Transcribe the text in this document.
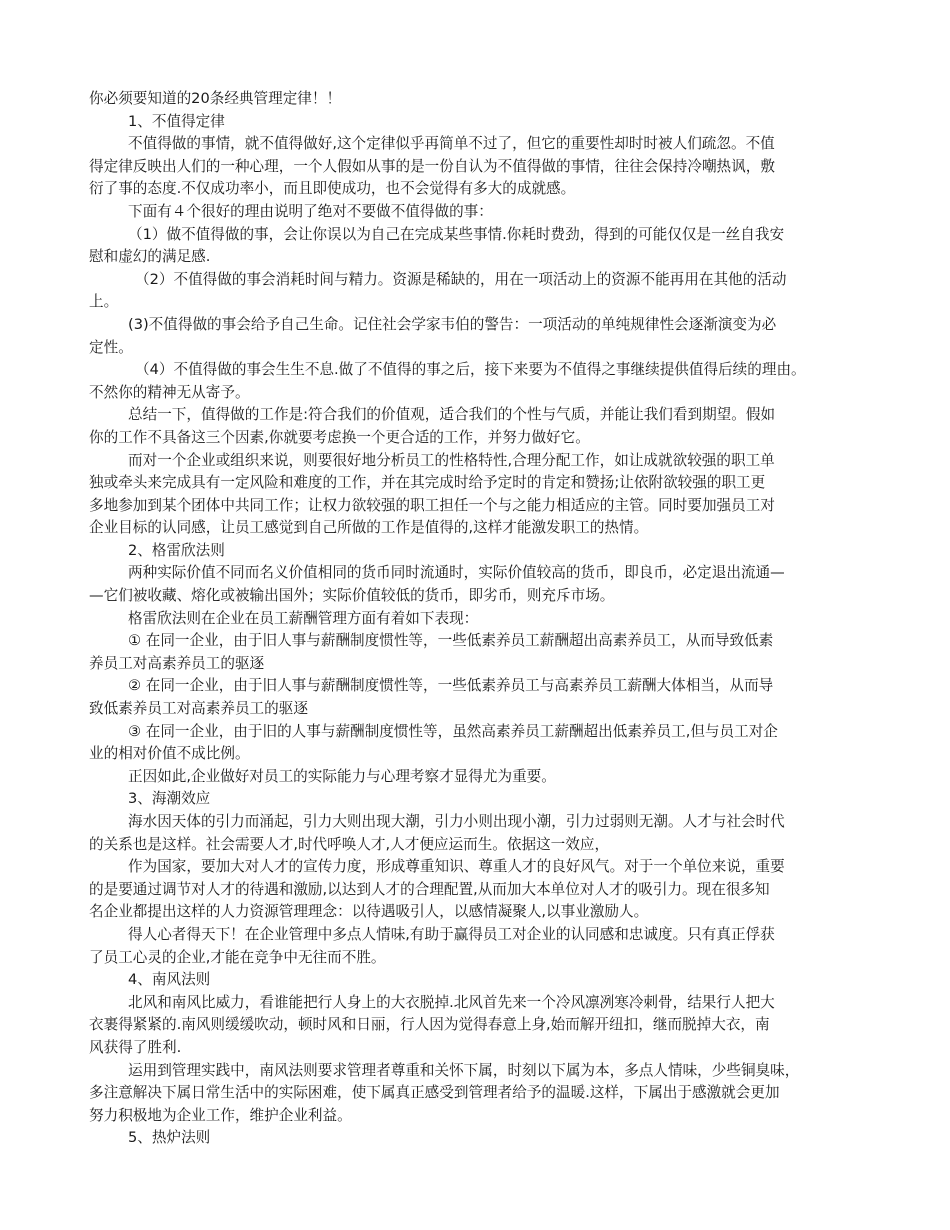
你必须要知道的20条经典管理定律！！
1、不值得定律
不值得做的事情，就不值得做好,这个定律似乎再简单不过了，但它的重要性却时时被人们疏忽。不值
得定律反映出人们的一种心理，一个人假如从事的是一份自认为不值得做的事情，往往会保持冷嘲热讽，敷
衍了事的态度.不仅成功率小，而且即使成功，也不会觉得有多大的成就感。
下面有４个很好的理由说明了绝对不要做不值得做的事：
（1）做不值得做的事，会让你误以为自己在完成某些事情.你耗时费劲，得到的可能仅仅是一丝自我安
慰和虚幻的满足感.
（2）不值得做的事会消耗时间与精力。资源是稀缺的，用在一项活动上的资源不能再用在其他的活动
上。
(3)不值得做的事会给予自己生命。记住社会学家韦伯的警告：一项活动的单纯规律性会逐渐演变为必
定性。
（4）不值得做的事会生生不息.做了不值得的事之后，接下来要为不值得之事继续提供值得后续的理由。
不然你的精神无从寄予。
总结一下，值得做的工作是:符合我们的价值观，适合我们的个性与气质，并能让我们看到期望。假如
你的工作不具备这三个因素,你就要考虑换一个更合适的工作，并努力做好它。
而对一个企业或组织来说，则要很好地分析员工的性格特性,合理分配工作，如让成就欲较强的职工单
独或牵头来完成具有一定风险和难度的工作，并在其完成时给予定时的肯定和赞扬;让依附欲较强的职工更
多地参加到某个团体中共同工作；让权力欲较强的职工担任一个与之能力相适应的主管。同时要加强员工对
企业目标的认同感，让员工感觉到自己所做的工作是值得的,这样才能激发职工的热情。
2、格雷欣法则
两种实际价值不同而名义价值相同的货币同时流通时，实际价值较高的货币，即良币，必定退出流通—
—它们被收藏、熔化或被输出国外；实际价值较低的货币，即劣币，则充斥市场。
格雷欣法则在企业在员工薪酬管理方面有着如下表现：
① 在同一企业，由于旧人事与薪酬制度惯性等，一些低素养员工薪酬超出高素养员工，从而导致低素
养员工对高素养员工的驱逐
② 在同一企业，由于旧人事与薪酬制度惯性等，一些低素养员工与高素养员工薪酬大体相当，从而导
致低素养员工对高素养员工的驱逐
③ 在同一企业，由于旧的人事与薪酬制度惯性等，虽然高素养员工薪酬超出低素养员工,但与员工对企
业的相对价值不成比例。
正因如此,企业做好对员工的实际能力与心理考察才显得尤为重要。
3、海潮效应
海水因天体的引力而涌起，引力大则出现大潮，引力小则出现小潮，引力过弱则无潮。人才与社会时代
的关系也是这样。社会需要人才,时代呼唤人才,人才便应运而生。依据这一效应，
作为国家，要加大对人才的宣传力度，形成尊重知识、尊重人才的良好风气。对于一个单位来说，重要
的是要通过调节对人才的待遇和激励,以达到人才的合理配置,从而加大本单位对人才的吸引力。现在很多知
名企业都提出这样的人力资源管理理念：以待遇吸引人，以感情凝聚人,以事业激励人。
得人心者得天下！在企业管理中多点人情味,有助于赢得员工对企业的认同感和忠诚度。只有真正俘获
了员工心灵的企业,才能在竞争中无往而不胜。
4、南风法则
北风和南风比威力，看谁能把行人身上的大衣脱掉.北风首先来一个冷风凛冽寒冷刺骨，结果行人把大
衣裹得紧紧的.南风则缓缓吹动，顿时风和日丽，行人因为觉得春意上身,始而解开纽扣，继而脱掉大衣，南
风获得了胜利.
运用到管理实践中，南风法则要求管理者尊重和关怀下属，时刻以下属为本，多点人情味，少些铜臭味，
多注意解决下属日常生活中的实际困难，使下属真正感受到管理者给予的温暖.这样，下属出于感激就会更加
努力积极地为企业工作，维护企业利益。
5、热炉法则
